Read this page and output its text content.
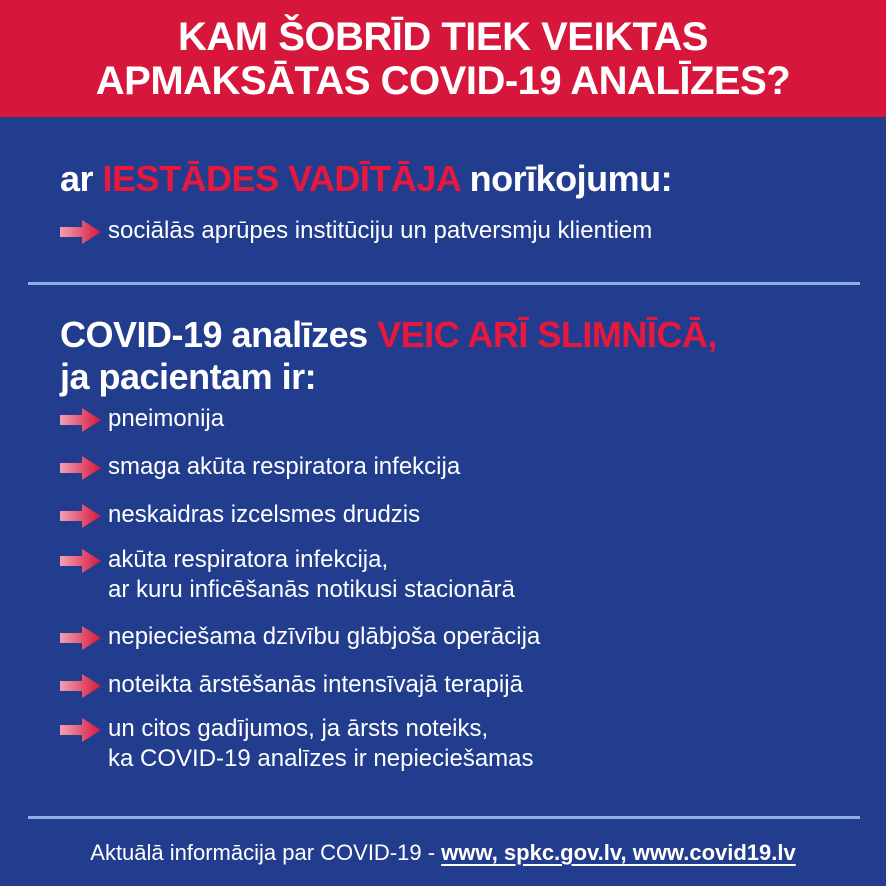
KAM ŠOBRĪD TIEK VEIKTAS
APMAKSĀTAS COVID-19 ANALĪZES?
ar IESTĀDES VADĪTĀJA norīkojumu:
sociālās aprūpes institūciju un patversmju klientiem
COVID-19 analīzes VEIC ARĪ SLIMNĪCĀ,
ja pacientam ir:
pneimonija
smaga akūta respiratora infekcija
neskaidras izcelsmes drudzis
akūta respiratora infekcija,
ar kuru inficēšanās notikusi stacionārā
nepieciešama dzīvību glābjoša operācija
noteikta ārstēšanās intensīvajā terapijā
un citos gadījumos, ja ārsts noteiks,
ka COVID-19 analīzes ir nepieciešamas
Aktuālā informācija par COVID-19 - www, spkc.gov.lv, www.covid19.lv
